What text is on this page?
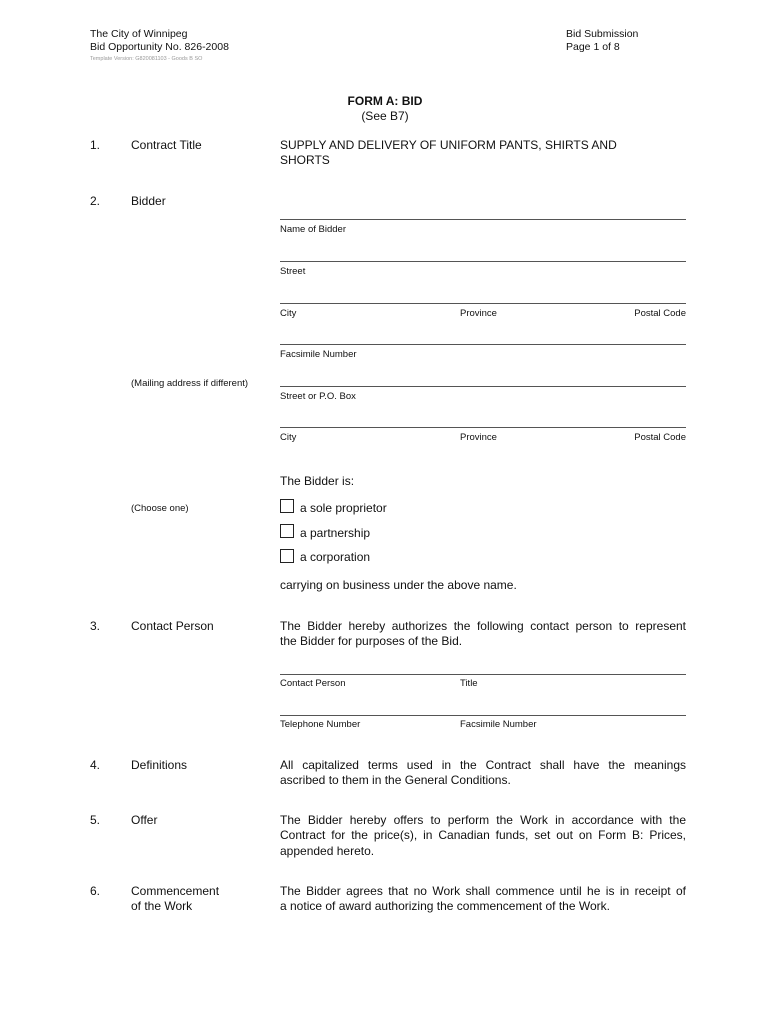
The City of Winnipeg
Bid Opportunity No. 826-2008
Template Version: G820081103 - Goods B SO
Bid Submission
Page 1 of 8
FORM A: BID
(See B7)
1.	Contract Title	SUPPLY AND DELIVERY OF UNIFORM PANTS, SHIRTS AND
SHORTS
2.	Bidder
Name of Bidder
Street
City	Province	Postal Code
Facsimile Number
(Mailing address if different)
Street or P.O. Box
City	Province	Postal Code
The Bidder is:
(Choose one)	a sole proprietor
a partnership
a corporation
carrying on business under the above name.
3.	Contact Person	The Bidder hereby authorizes the following contact person to represent
the Bidder for purposes of the Bid.
Contact Person	Title
Telephone Number	Facsimile Number
4.	Definitions	All capitalized terms used in the Contract shall have the meanings
ascribed to them in the General Conditions.
5.	Offer	The Bidder hereby offers to perform the Work in accordance with the
Contract for the price(s), in Canadian funds, set out on Form B: Prices,
appended hereto.
6.	Commencement
of the Work
The Bidder agrees that no Work shall commence until he is in receipt of
a notice of award authorizing the commencement of the Work.
